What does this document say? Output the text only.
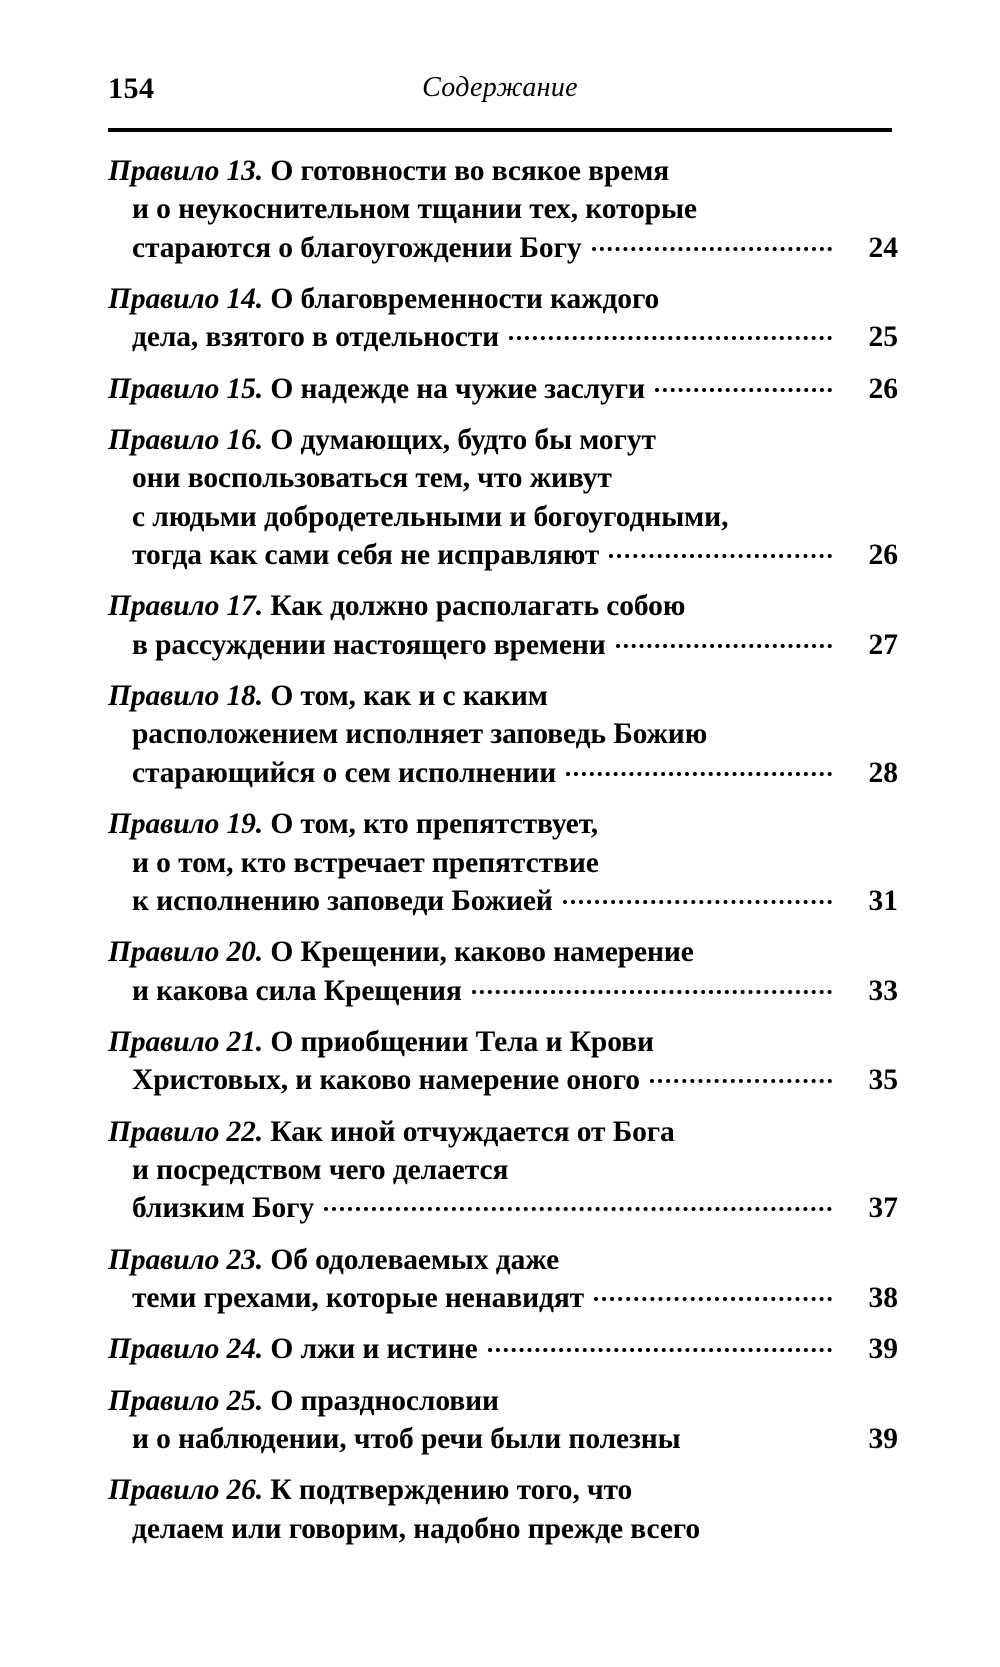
154	Содержание
Правило 13. О готовности во всякое время
и о неукоснительном тщании тех, которые
стараются о благоугождении Богу	24
Правило 14. О благовременности каждого
дела, взятого в отдельности	25
Правило 15. О надежде на чужие заслуги	26
Правило 16. О думающих, будто бы могут
они воспользоваться тем, что живут
с людьми добродетельными и богоугодными,
тогда как сами себя не исправляют	26
Правило 17. Как должно располагать собою
в рассуждении настоящего времени	27
Правило 18. О том, как и с каким
расположением исполняет заповедь Божию
старающийся о сем исполнении	28
Правило 19. О том, кто препятствует,
и о том, кто встречает препятствие
к исполнению заповеди Божией	31
Правило 20. О Крещении, каково намерение
и какова сила Крещения	33
Правило 21. О приобщении Тела и Крови
Христовых, и каково намерение оного	35
Правило 22. Как иной отчуждается от Бога
и посредством чего делается
близким Богу	37
Правило 23. Об одолеваемых даже
теми грехами, которые ненавидят	38
Правило 24. О лжи и истине	39
Правило 25. О празднословии
и о наблюдении, чтоб речи были полезны	39
Правило 26. К подтверждению того, что
делаем или говорим, надобно прежде всего
